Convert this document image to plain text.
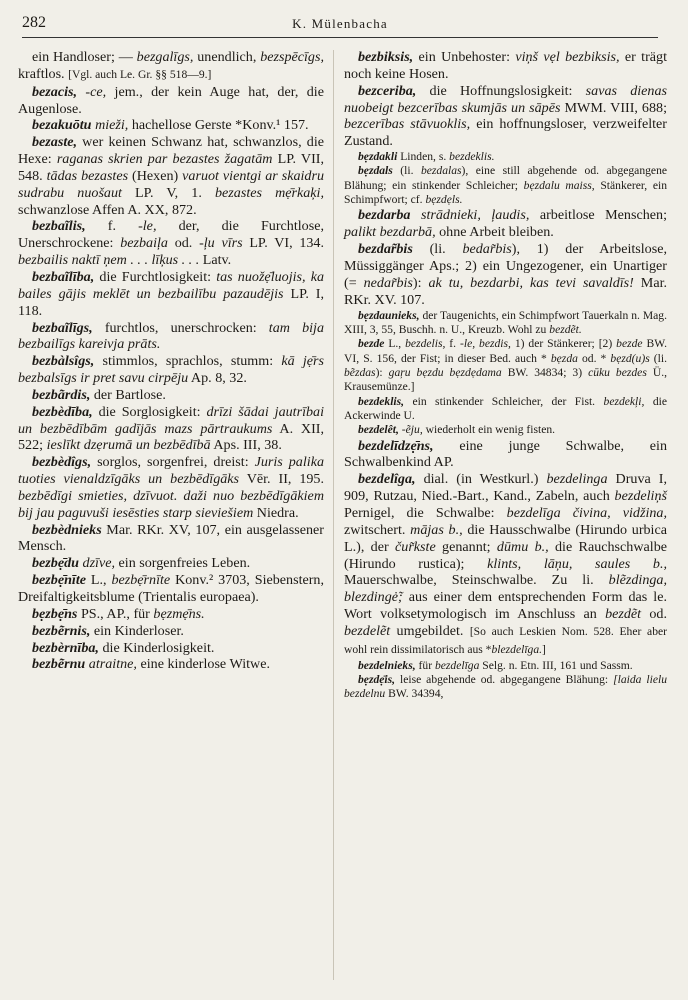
282	K. Mülenbacha

ein Handloser; — bezgalīgs, unendlich, bezspēcīgs, kraftlos. [Vgl. auch Le. Gr. §§ 518—9.]

bezacis, -ce, jem., der kein Auge hat, der, die Augenlose.

bezakuōtu mieži, hachellose Gerste *Konv.¹ 157.

bezaste, wer keinen Schwanz hat, schwanzlos, die Hexe: raganas skrien par bezastes žagatām LP. VII, 548. tādas bezastes (Hexen) varuot vientgi ar skaidru sudrabu nuošaut LP. V, 1. bezastes mẹ̄rkaķi, schwanzlose Affen A. XX, 872.

bezbaĩlis, f. -le, der, die Furchtlose, Unerschrockene: bezbaiļa od. -ļu vīrs LP. VI, 134. bezbailis naktī ņem . . . līķus . . . Latv.

bezbaĩlība, die Furchtlosigkeit: tas nuožẹ̄luojis, ka bailes gājis meklēt un bezbailību pazaudējis LP. I, 118.

bezbaĩlīgs, furchtlos, unerschrocken: tam bija bezbailīgs kareivja prāts.

bezbàlsîgs, stimmlos, sprachlos, stumm: kā jẹ̄rs bezbalsīgs ir pret savu cirpēju Ap. 8, 32.

bezbãrdis, der Bartlose.

bezbèdība, die Sorglosigkeit: drīzi šādai jautrībai un bezbēdībām gadījās mazs pārtraukums A. XII, 522; ieslīkt dzẹrumā un bezbēdībā Aps. III, 38.

bezbèdîgs, sorglos, sorgenfrei, dreist: Juris palika tuoties vienaldzīgāks un bezbēdīgāks Vēr. II, 195. bezbēdīgi smieties, dzīvuot. daži nuo bezbēdīgākiem bij jau paguvuši iesēsties starp sieviešiem Niedra.

bezbèdnieks Mar. RKr. XV, 107, ein ausgelassener Mensch.

bezbẹ̄du dzīve, ein sorgenfreies Leben.

bezbẹ̄nīte L., bezbẹ̄rnīte Konv.² 3703, Siebenstern, Dreifaltigkeitsblume (Trientalis europaea).

bẹzbẹ̄ns PS., AP., für bẹzmẹ̄ns.

bezbẽrnis, ein Kinderloser.

bezbèrnība, die Kinderlosigkeit.

bezbẽrnu atraitne, eine kinderlose Witwe.

bezbiksis, ein Unbehoster: viņš vẹl bezbiksis, er trägt noch keine Hosen.

bezceriba, die Hoffnungslosigkeit: savas dienas nuobeigt bezcerības skumjās un sāpēs MWM. VIII, 688; bezcerības stāvuoklis, ein hoffnungsloser, verzweifelter Zustand.

bẹzdakli Linden, s. bezdeklis.

bẹzdals (li. bezdalas), eine still abgehende od. abgegangene Blähung; ein stinkender Schleicher; bẹzdalu maiss, Stänkerer, ein Schimpfwort; cf. bẹzdẹls.

bezdarba strādnieki, ļaudis, arbeitlose Menschen; palikt bezdarbā, ohne Arbeit bleiben.

bezdar̃bis (li. bedar̃bis), 1) der Arbeitslose, Müssiggänger Aps.; 2) ein Ungezogener, ein Unartiger (= nedar̃bis): ak tu, bezdarbi, kas tevi savaldīs! Mar. RKr. XV. 107.

bẹzdaunieks, der Taugenichts, ein Schimpfwort Tauerkaln n. Mag. XIII, 3, 55, Buschh. n. U., Kreuzb. Wohl zu bezdẽt.

bezde L., bezdelis, f. -le, bezdis, 1) der Stänkerer; [2) bezde BW. VI, S. 156, der Fist; in dieser Bed. auch * bẹzda od. * bẹzd(u)s (li. bẽzdas): gaŗu bẹzdu bẹzdẹdama BW. 34834; 3) cūku bezdes Ü., Krausemünze.]

bezdeklis, ein stinkender Schleicher, der Fist. bezdekļi, die Ackerwinde U.

bezdelêt, -ẽju, wiederholt ein wenig fisten.

bezdelīdzẹ̄ns, eine junge Schwalbe, ein Schwalbenkind AP.

bezdelîga, dial. (in Westkurl.) bezdelinga Druva I, 909, Rutzau, Nied.-Bart., Kand., Zabeln, auch bezdeliņš Pernigel, die Schwalbe: bezdelīga čivina, vidžina, zwitschert. mājas b., die Hausschwalbe (Hirundo urbica L.), der čur̃kste genannt; dūmu b., die Rauchschwalbe (Hirundo rustica); klints, lāņu, saules b., Mauerschwalbe, Steinschwalbe. Zu li. blẽzdinga, blezdingė̃; aus einer dem entsprechenden Form das le. Wort volksetymologisch im Anschluss an bezdẽt od. bezdelẽt umgebildet. [So auch Leskien Nom. 528. Eher aber wohl rein dissimilatorisch aus *blezdelīga.]

bezdelnieks, für bezdelīga Selg. n. Etn. III, 161 und Sassm.

bẹzdẹ̄is, leise abgehende od. abgegangene Blähung: [laida lielu bezdelnu BW. 34394,
